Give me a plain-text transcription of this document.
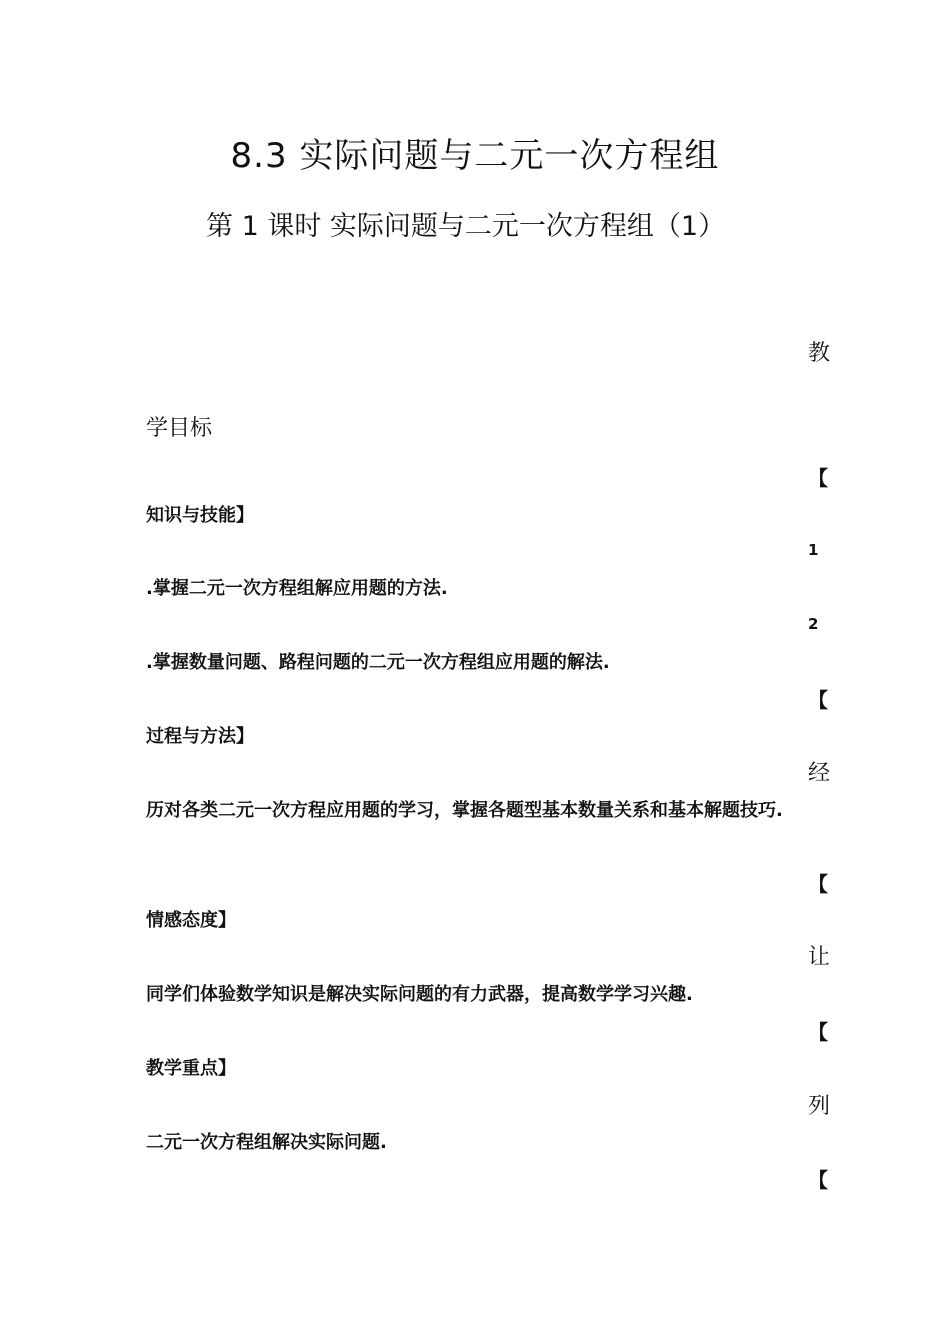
8.3 实际问题与二元一次方程组
第 1 课时 实际问题与二元一次方程组（1）
教
学目标
【
知识与技能】
1
.掌握二元一次方程组解应用题的方法.
2
.掌握数量问题、路程问题的二元一次方程组应用题的解法.
【
过程与方法】
经
历对各类二元一次方程应用题的学习，掌握各题型基本数量关系和基本解题技巧.
【
情感态度】
让
同学们体验数学知识是解决实际问题的有力武器，提高数学学习兴趣.
【
教学重点】
列
二元一次方程组解决实际问题.
【
